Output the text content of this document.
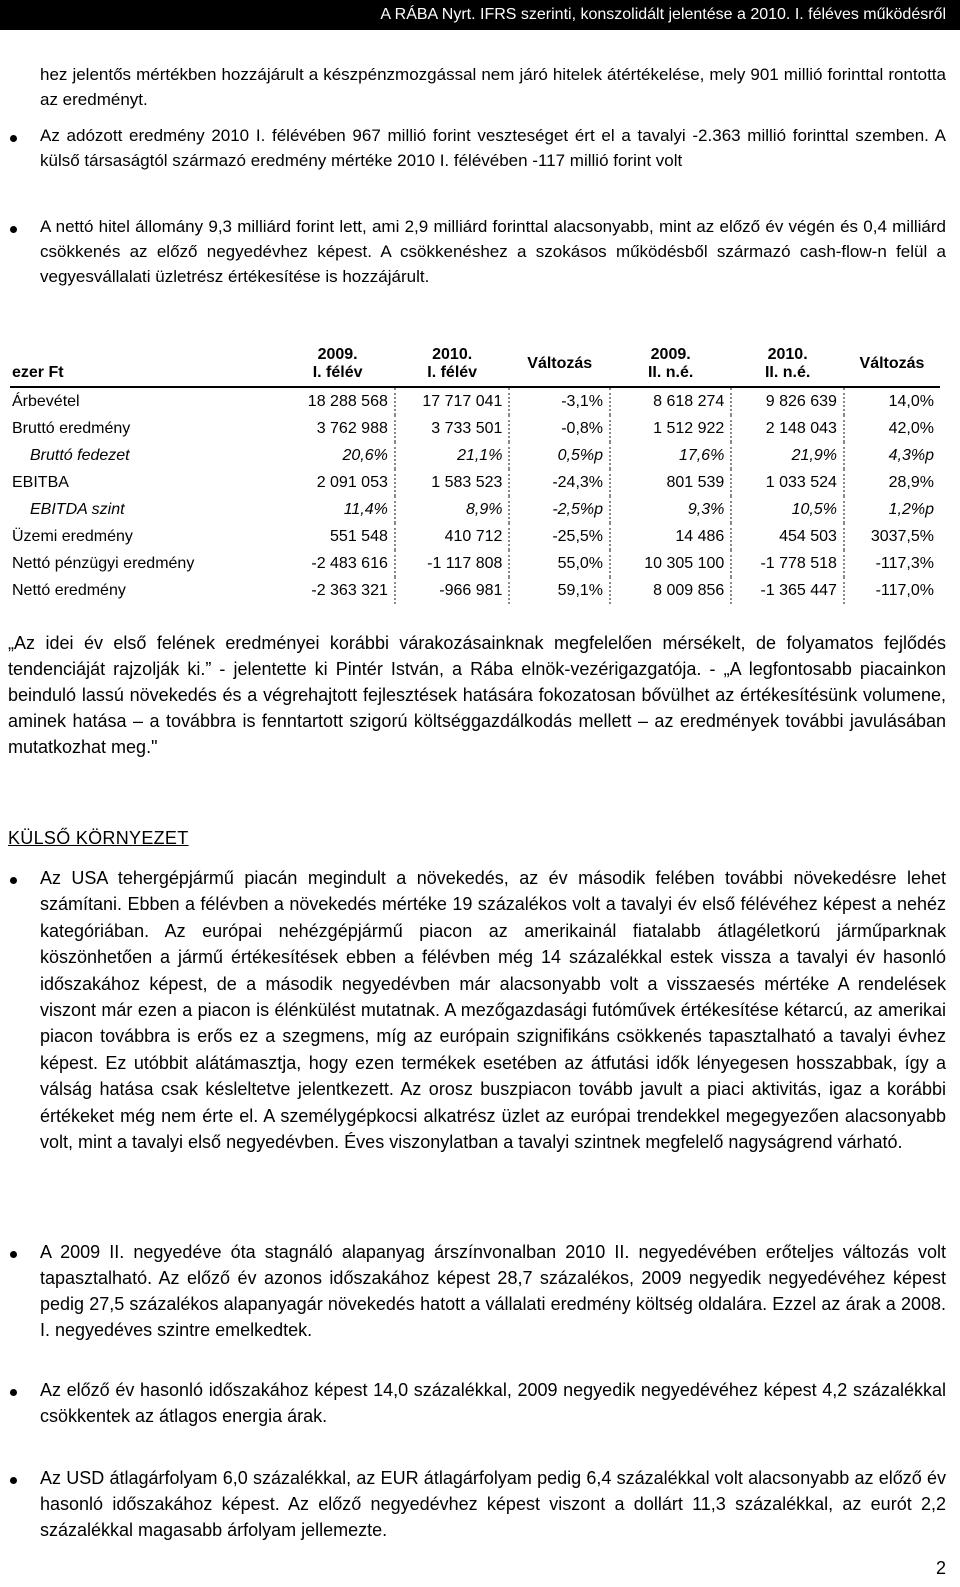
A RÁBA Nyrt. IFRS szerinti, konszolidált jelentése a 2010. I. féléves működésről
hez jelentős mértékben hozzájárult a készpénzmozgással nem járó hitelek átértékelése, mely 901 millió forinttal rontotta az eredményt.
Az adózott eredmény 2010 I. félévében 967 millió forint veszteséget ért el a tavalyi -2.363 millió forinttal szemben. A külső társaságtól származó eredmény mértéke 2010 I. félévében -117 millió forint volt
A nettó hitel állomány 9,3 milliárd forint lett, ami 2,9 milliárd forinttal alacsonyabb, mint az előző év végén és 0,4 milliárd csökkenés az előző negyedévhez képest. A csökkenéshez a szokásos működésből származó cash-flow-n felül a vegyesvállalati üzletrész értékesítése is hozzájárult.
	2009.	2010.	Változás	2009.	2010.	Változás
ezer Ft	I. félév	I. félév		II. n.é.	II. n.é.	
Árbevétel	18 288 568	17 717 041	-3,1%	8 618 274	9 826 639	14,0%
Bruttó eredmény	3 762 988	3 733 501	-0,8%	1 512 922	2 148 043	42,0%
Bruttó fedezet	20,6%	21,1%	0,5%p	17,6%	21,9%	4,3%p
EBITBA	2 091 053	1 583 523	-24,3%	801 539	1 033 524	28,9%
EBITDA szint	11,4%	8,9%	-2,5%p	9,3%	10,5%	1,2%p
Üzemi eredmény	551 548	410 712	-25,5%	14 486	454 503	3037,5%
Nettó pénzügyi eredmény	-2 483 616	-1 117 808	55,0%	10 305 100	-1 778 518	-117,3%
Nettó eredmény	-2 363 321	-966 981	59,1%	8 009 856	-1 365 447	-117,0%
„Az idei év első felének eredményei korábbi várakozásainknak megfelelően mérsékelt, de folyamatos fejlődés tendenciáját rajzolják ki.” - jelentette ki Pintér István, a Rába elnök-vezérigazgatója. - „A legfontosabb piacainkon beinduló lassú növekedés és a végrehajtott fejlesztések hatására fokozatosan bővülhet az értékesítésünk volumene, aminek hatása – a továbbra is fenntartott szigorú költséggazdálkodás mellett – az eredmények további javulásában mutatkozhat meg."
KÜLSŐ KÖRNYEZET
Az USA tehergépjármű piacán megindult a növekedés, az év második felében további növekedésre lehet számítani. Ebben a félévben a növekedés mértéke 19 százalékos volt a tavalyi év első félévéhez képest a nehéz kategóriában. Az európai nehézgépjármű piacon az amerikainál fiatalabb átlagéletkorú járműparknak köszönhetően a jármű értékesítések ebben a félévben még 14 százalékkal estek vissza a tavalyi év hasonló időszakához képest, de a második negyedévben már alacsonyabb volt a visszaesés mértéke A rendelések viszont már ezen a piacon is élénkülést mutatnak. A mezőgazdasági futóművek értékesítése kétarcú, az amerikai piacon továbbra is erős ez a szegmens, míg az európain szignifikáns csökkenés tapasztalható a tavalyi évhez képest. Ez utóbbit alátámasztja, hogy ezen termékek esetében az átfutási idők lényegesen hosszabbak, így a válság hatása csak késleltetve jelentkezett. Az orosz buszpiacon tovább javult a piaci aktivitás, igaz a korábbi értékeket még nem érte el. A személygépkocsi alkatrész üzlet az európai trendekkel megegyezően alacsonyabb volt, mint a tavalyi első negyedévben. Éves viszonylatban a tavalyi szintnek megfelelő nagyságrend várható.
A 2009 II. negyedéve óta stagnáló alapanyag árszínvonalban 2010 II. negyedévében erőteljes változás volt tapasztalható. Az előző év azonos időszakához képest 28,7 százalékos, 2009 negyedik negyedévéhez képest pedig 27,5 százalékos alapanyagár növekedés hatott a vállalati eredmény költség oldalára. Ezzel az árak a 2008. I. negyedéves szintre emelkedtek.
Az előző év hasonló időszakához képest 14,0 százalékkal, 2009 negyedik negyedévéhez képest 4,2 százalékkal csökkentek az átlagos energia árak.
Az USD átlagárfolyam 6,0 százalékkal, az EUR átlagárfolyam pedig 6,4 százalékkal volt alacsonyabb az előző év hasonló időszakához képest. Az előző negyedévhez képest viszont a dollárt 11,3 százalékkal, az eurót 2,2 százalékkal magasabb árfolyam jellemezte.
2
